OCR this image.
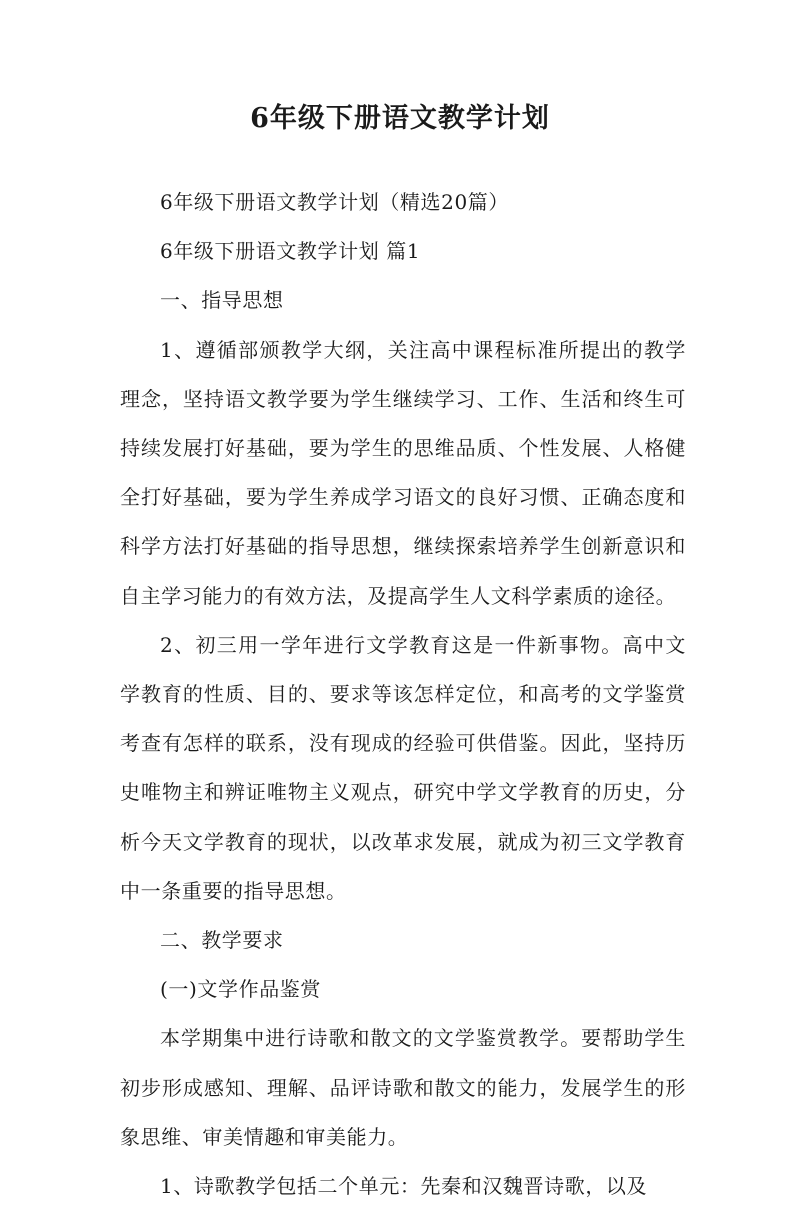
6年级下册语文教学计划

6年级下册语文教学计划（精选20篇）

6年级下册语文教学计划 篇1

一、指导思想

1、遵循部颁教学大纲，关注高中课程标准所提出的教学理念，坚持语文教学要为学生继续学习、工作、生活和终生可持续发展打好基础，要为学生的思维品质、个性发展、人格健全打好基础，要为学生养成学习语文的良好习惯、正确态度和科学方法打好基础的指导思想，继续探索培养学生创新意识和自主学习能力的有效方法，及提高学生人文科学素质的途径。

2、初三用一学年进行文学教育这是一件新事物。高中文学教育的性质、目的、要求等该怎样定位，和高考的文学鉴赏考查有怎样的联系，没有现成的经验可供借鉴。因此，坚持历史唯物主和辨证唯物主义观点，研究中学文学教育的历史，分析今天文学教育的现状，以改革求发展，就成为初三文学教育中一条重要的指导思想。

二、教学要求

(一)文学作品鉴赏

本学期集中进行诗歌和散文的文学鉴赏教学。要帮助学生初步形成感知、理解、品评诗歌和散文的能力，发展学生的形象思维、审美情趣和审美能力。

1、诗歌教学包括二个单元：先秦和汉魏晋诗歌，以及
